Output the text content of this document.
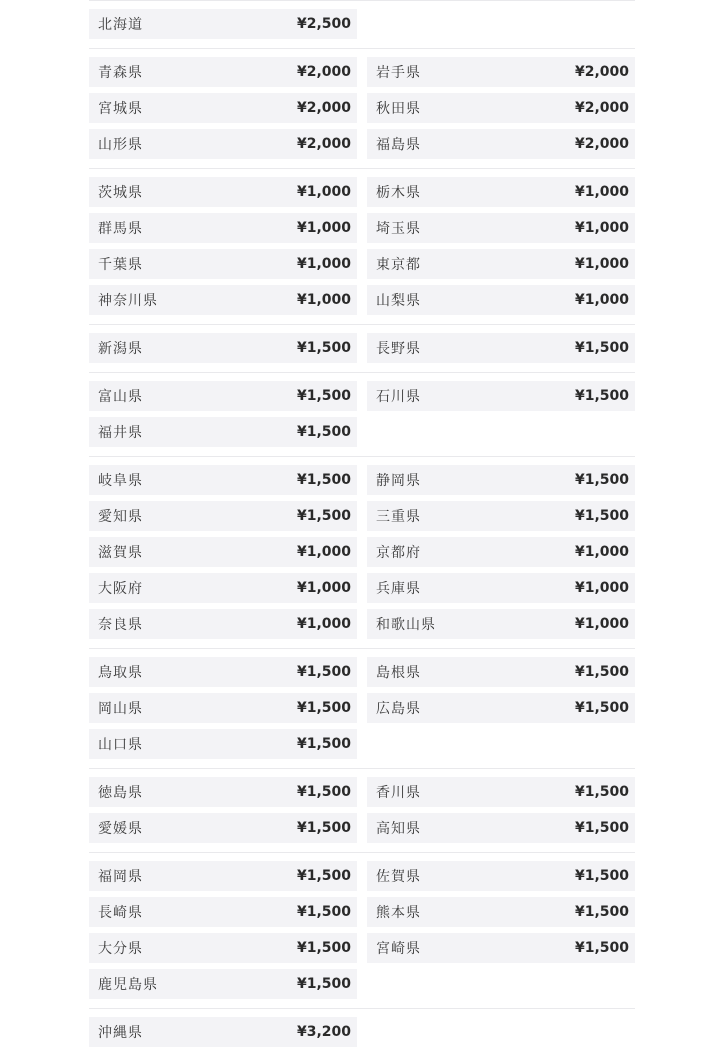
北海道	¥2,500
青森県	¥2,000 岩手県	¥2,000
宮城県	¥2,000 秋田県	¥2,000
山形県	¥2,000 福島県	¥2,000
茨城県	¥1,000 栃木県	¥1,000
群馬県	¥1,000 埼玉県	¥1,000
千葉県	¥1,000 東京都	¥1,000
神奈川県	¥1,000 山梨県	¥1,000
新潟県	¥1,500 長野県	¥1,500
富山県	¥1,500 石川県	¥1,500
福井県	¥1,500
岐阜県	¥1,500 静岡県	¥1,500
愛知県	¥1,500 三重県	¥1,500
滋賀県	¥1,000 京都府	¥1,000
大阪府	¥1,000 兵庫県	¥1,000
奈良県	¥1,000 和歌山県	¥1,000
鳥取県	¥1,500 島根県	¥1,500
岡山県	¥1,500 広島県	¥1,500
山口県	¥1,500
徳島県	¥1,500 香川県	¥1,500
愛媛県	¥1,500 高知県	¥1,500
福岡県	¥1,500 佐賀県	¥1,500
長崎県	¥1,500 熊本県	¥1,500
大分県	¥1,500 宮崎県	¥1,500
鹿児島県	¥1,500
沖縄県	¥3,200
